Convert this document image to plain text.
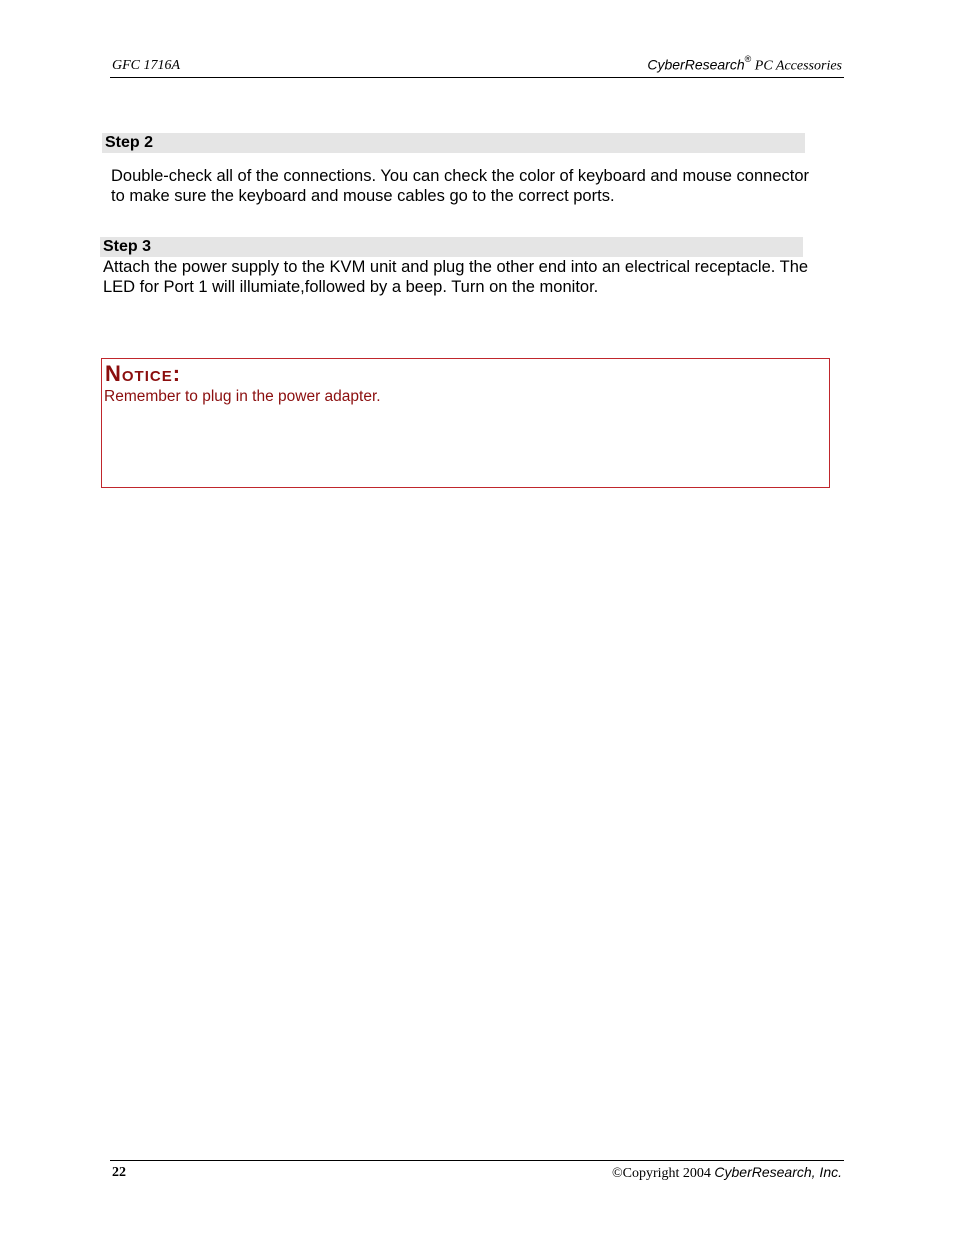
GFC 1716A	CyberResearch® PC Accessories
Step 2

Double-check all of the connections. You can check the color of keyboard and mouse connector to make sure the keyboard and mouse cables go to the correct ports.

Step 3

Attach the power supply to the KVM unit and plug the other end into an electrical receptacle. The LED for Port 1 will illumiate,followed by a beep. Turn on the monitor.

Notice:
Remember to plug in the power adapter.
22	©Copyright 2004 CyberResearch, Inc.
